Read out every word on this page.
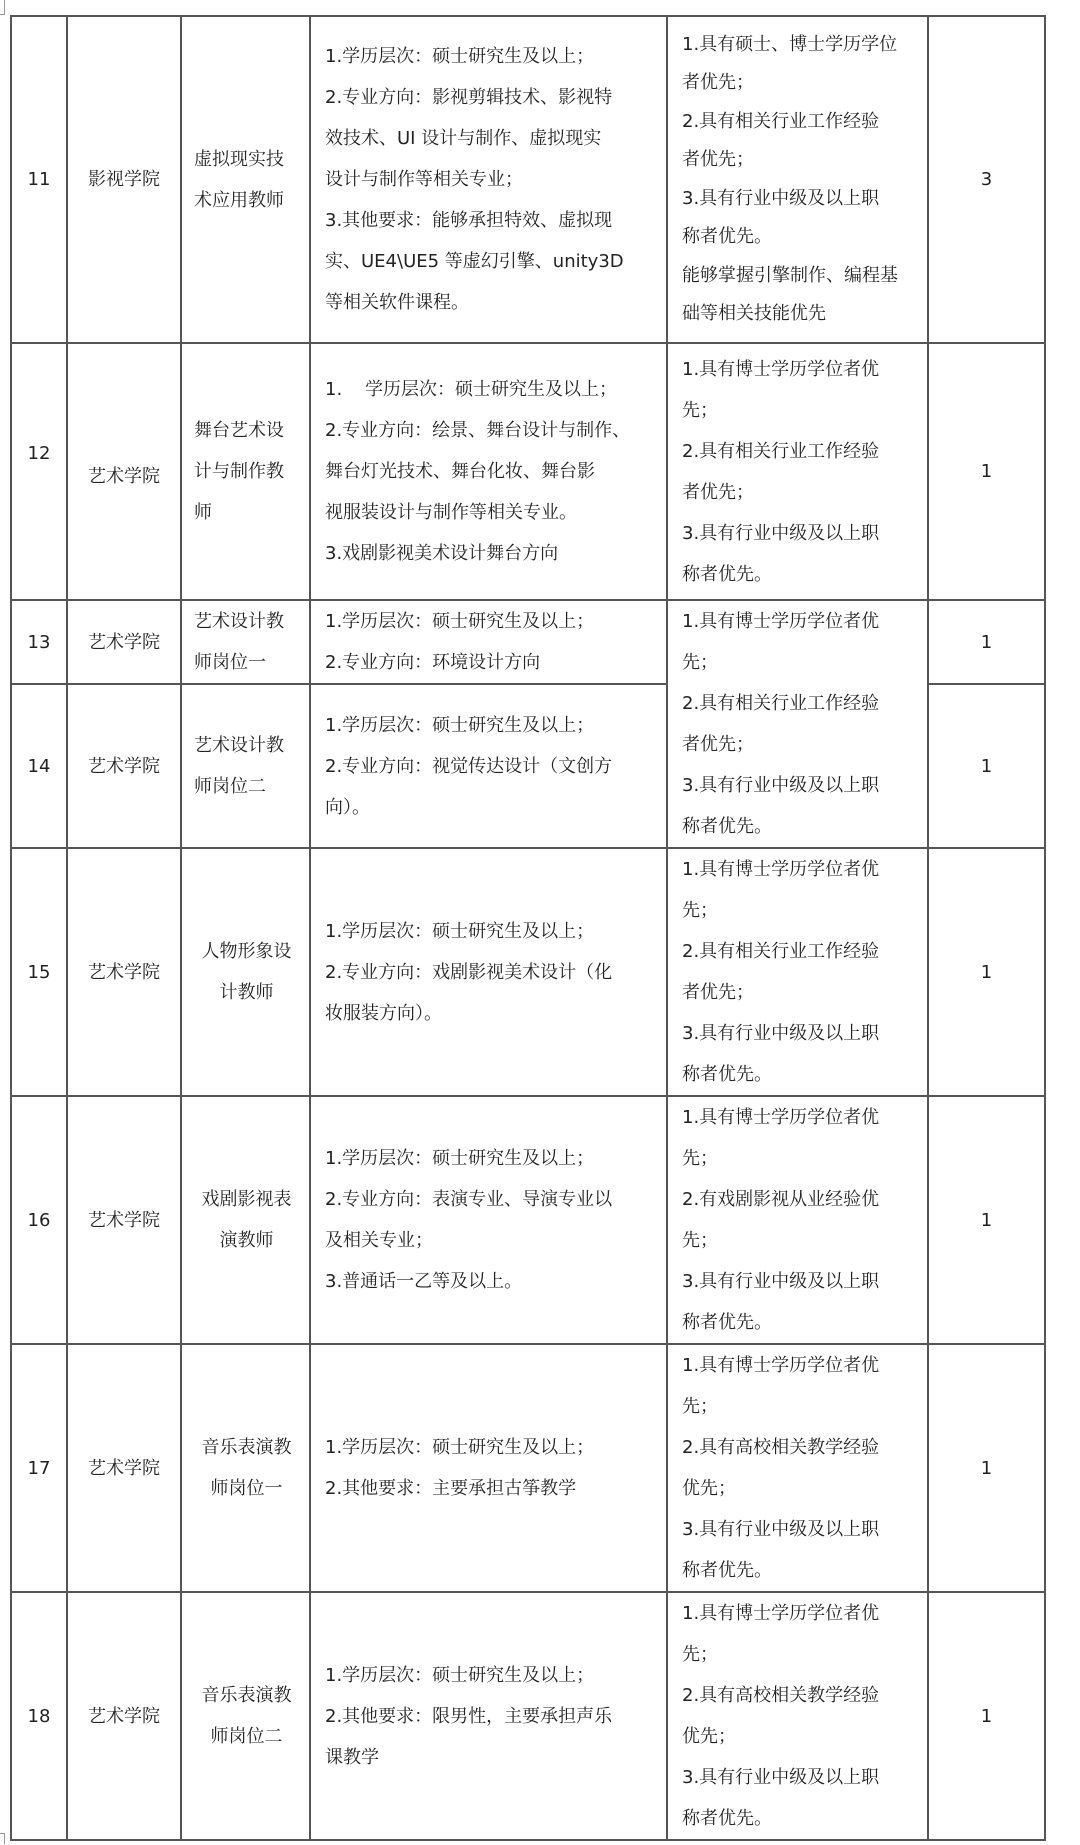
11	影视学院	
虚拟现实技
术应用教师

1.学历层次：硕士研究生及以上；
2.专业方向：影视剪辑技术、影视特
效技术、UI 设计与制作、虚拟现实
设计与制作等相关专业；
3.其他要求：能够承担特效、虚拟现
实、UE4\UE5 等虚幻引擎、unity3D
等相关软件课程。

1.具有硕士、博士学历学位
者优先；
2.具有相关行业工作经验
者优先；
3.具有行业中级及以上职
称者优先。
能够掌握引擎制作、编程基
础等相关技能优先
	3
12	艺术学院	
舞台艺术设
计与制作教
师

1.    学历层次：硕士研究生及以上；
2.专业方向：绘景、舞台设计与制作、
舞台灯光技术、舞台化妆、舞台影
视服装设计与制作等相关专业。
3.戏剧影视美术设计舞台方向

1.具有博士学历学位者优
先；
2.具有相关行业工作经验
者优先；
3.具有行业中级及以上职
称者优先。
	1
13	艺术学院	
艺术设计教
师岗位一

1.学历层次：硕士研究生及以上；
2.专业方向：环境设计方向

1.具有博士学历学位者优
先；
2.具有相关行业工作经验
者优先；
3.具有行业中级及以上职
称者优先。
	1
14	艺术学院	艺术设计教
师岗位二	1.学历层次：硕士研究生及以上；
2.专业方向：视觉传达设计（文创方
向）。		1
15	艺术学院	
人物形象设
计教师

1.学历层次：硕士研究生及以上；
2.专业方向：戏剧影视美术设计（化
妆服装方向）。

1.具有博士学历学位者优
先；
2.具有相关行业工作经验
者优先；
3.具有行业中级及以上职
称者优先。
	1
16	艺术学院	
戏剧影视表
演教师

1.学历层次：硕士研究生及以上；
2.专业方向：表演专业、导演专业以
及相关专业；
3.普通话一乙等及以上。

1.具有博士学历学位者优
先；
2.有戏剧影视从业经验优
先；
3.具有行业中级及以上职
称者优先。
	1
17	艺术学院	
音乐表演教
师岗位一

1.学历层次：硕士研究生及以上；
2.其他要求：主要承担古筝教学

1.具有博士学历学位者优
先；
2.具有高校相关教学经验
优先；
3.具有行业中级及以上职
称者优先。
	1
18	艺术学院	
音乐表演教
师岗位二

1.学历层次：硕士研究生及以上；
2.其他要求：限男性，主要承担声乐
课教学

1.具有博士学历学位者优
先；
2.具有高校相关教学经验
优先；
3.具有行业中级及以上职
称者优先。
	1
